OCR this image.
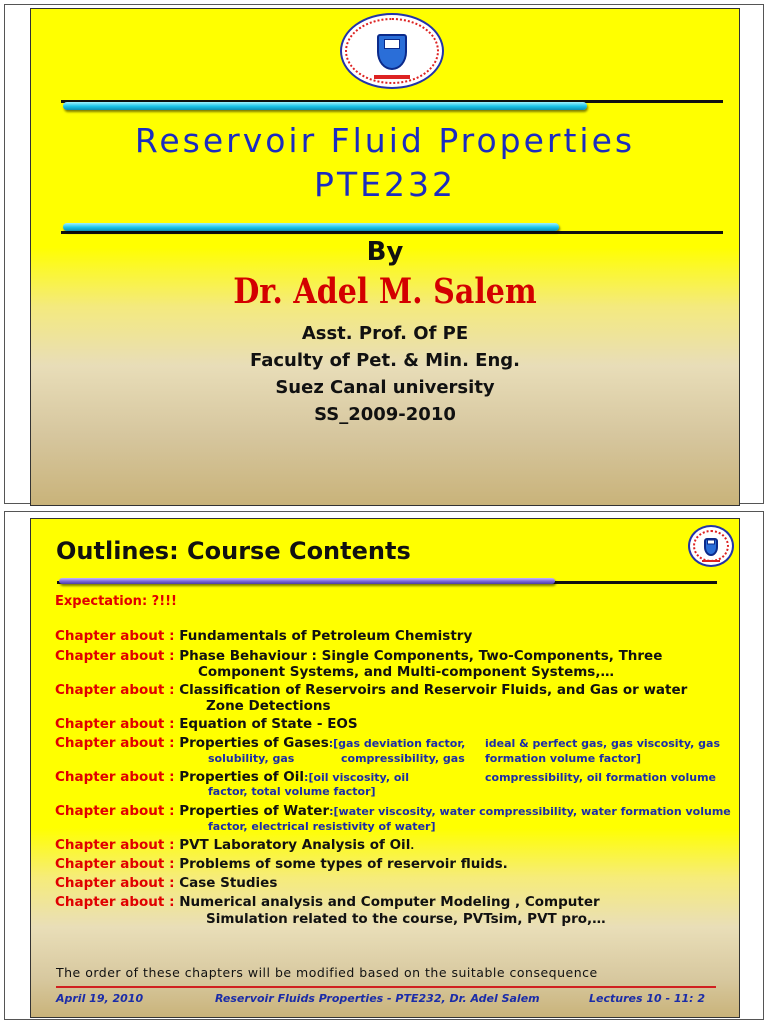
Reservoir Fluid Properties
PTE232
By
Dr. Adel M. Salem
Asst. Prof. Of PE
Faculty of Pet. & Min. Eng.
Suez Canal university
SS_2009-2010
Outlines: Course Contents
Expectation: ?!!!
Chapter about : Fundamentals of Petroleum Chemistry
Chapter about : Phase Behaviour : Single Components, Two-Components, Three
Component Systems, and Multi-component Systems,…
Chapter about : Classification of Reservoirs and Reservoir Fluids, and Gas or water
Zone Detections
Chapter about : Equation of State - EOS
Chapter about : Properties of Gases:[gas deviation factor, ideal & perfect gas, gas viscosity, gas
solubility, gas	compressibility, gas formation volume factor]
Chapter about : Properties of Oil:[oil viscosity, oil	compressibility, oil formation volume
factor, total volume factor]
Chapter about : Properties of Water:[water viscosity, water compressibility, water formation volume
factor, electrical resistivity of water]
Chapter about : PVT Laboratory Analysis of Oil.
Chapter about : Problems of some types of reservoir fluids.
Chapter about : Case Studies
Chapter about : Numerical analysis and Computer Modeling , Computer
Simulation related to the course, PVTsim, PVT pro,…
The order of these chapters will be modified based on the suitable consequence
April 19, 2010	Reservoir Fluids Properties - PTE232, Dr. Adel Salem	Lectures 10 - 11: 2
